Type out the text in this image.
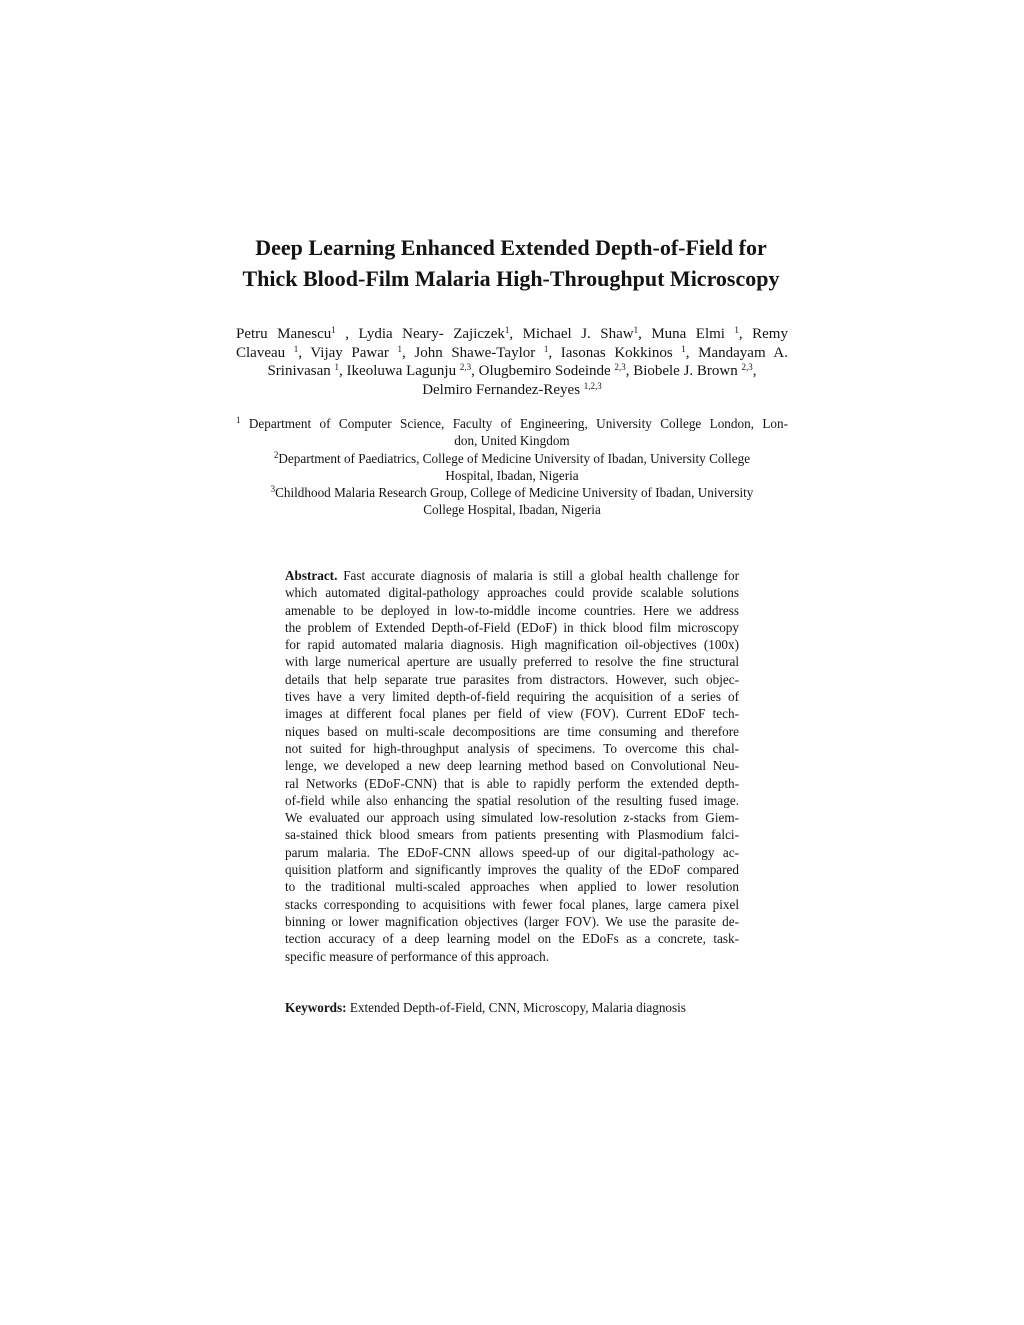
Deep Learning Enhanced Extended Depth-of-Field for
Thick Blood-Film Malaria High-Throughput Microscopy
Petru Manescu$^1$ , Lydia Neary- Zajiczek$^1$, Michael J. Shaw$^1$, Muna Elmi $^1$, Remy
Claveau $^1$, Vijay Pawar $^1$, John Shawe-Taylor $^1$, Iasonas Kokkinos $^1$, Mandayam A.
Srinivasan $^1$, Ikeoluwa Lagunju $^{2,3}$, Olugbemiro Sodeinde $^{2,3}$, Biobele J. Brown $^{2,3}$,
Delmiro Fernandez-Reyes $^{1,2,3}$
$^1$ Department of Computer Science, Faculty of Engineering, University College London, Lon-
don, United Kingdom
$^2$Department of Paediatrics, College of Medicine University of Ibadan, University College
Hospital, Ibadan, Nigeria
$^3$Childhood Malaria Research Group, College of Medicine University of Ibadan, University
College Hospital, Ibadan, Nigeria
Abstract. Fast accurate diagnosis of malaria is still a global health challenge for
which automated digital-pathology approaches could provide scalable solutions
amenable to be deployed in low-to-middle income countries. Here we address
the problem of Extended Depth-of-Field (EDoF) in thick blood film microscopy
for rapid automated malaria diagnosis. High magnification oil-objectives (100x)
with large numerical aperture are usually preferred to resolve the fine structural
details that help separate true parasites from distractors. However, such objec-
tives have a very limited depth-of-field requiring the acquisition of a series of
images at different focal planes per field of view (FOV). Current EDoF tech-
niques based on multi-scale decompositions are time consuming and therefore
not suited for high-throughput analysis of specimens. To overcome this chal-
lenge, we developed a new deep learning method based on Convolutional Neu-
ral Networks (EDoF-CNN) that is able to rapidly perform the extended depth-
of-field while also enhancing the spatial resolution of the resulting fused image.
We evaluated our approach using simulated low-resolution z-stacks from Giem-
sa-stained thick blood smears from patients presenting with Plasmodium falci-
parum malaria. The EDoF-CNN allows speed-up of our digital-pathology ac-
quisition platform and significantly improves the quality of the EDoF compared
to the traditional multi-scaled approaches when applied to lower resolution
stacks corresponding to acquisitions with fewer focal planes, large camera pixel
binning or lower magnification objectives (larger FOV). We use the parasite de-
tection accuracy of a deep learning model on the EDoFs as a concrete, task-
specific measure of performance of this approach.
Keywords: Extended Depth-of-Field, CNN, Microscopy, Malaria diagnosis
